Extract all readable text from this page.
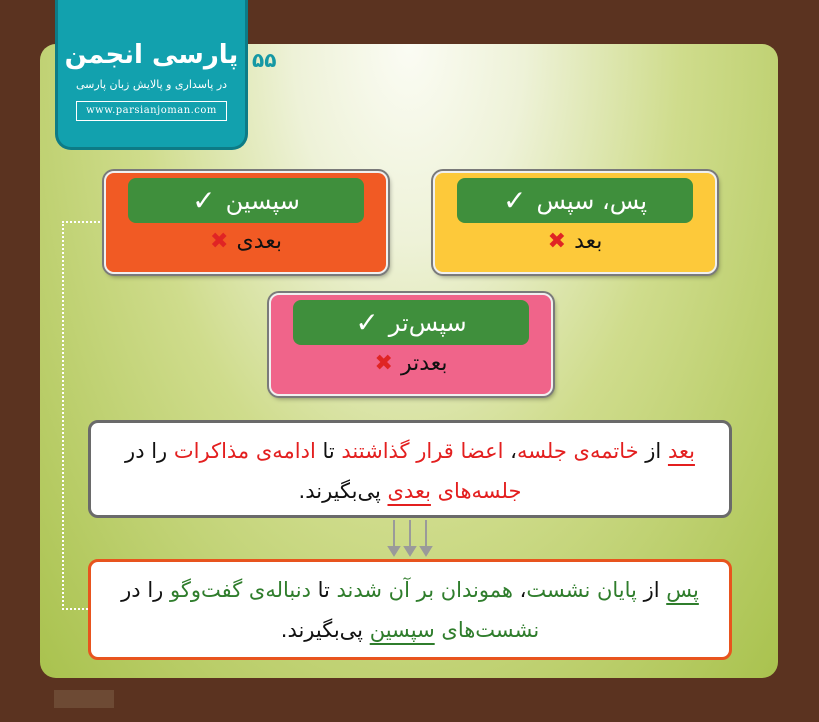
پارسی انجمن
در پاسداری و پالایش زبان پارسی
www.parsianjoman.com
۵۵
پس، سپس
✓
بعد
✖
سپسین
✓
بعدی
✖
سپس‌تر
✓
بعدتر
✖
بعد از خاتمه‌ی جلسه، اعضا قرار گذاشتند تا ادامه‌ی مذاکرات را در جلسه‌های بعدی پی‌بگیرند.
پس از پایان نشست، هموندان بر آن شدند تا دنباله‌ی گفت‌وگو را در نشست‌های سپسین پی‌بگیرند.
